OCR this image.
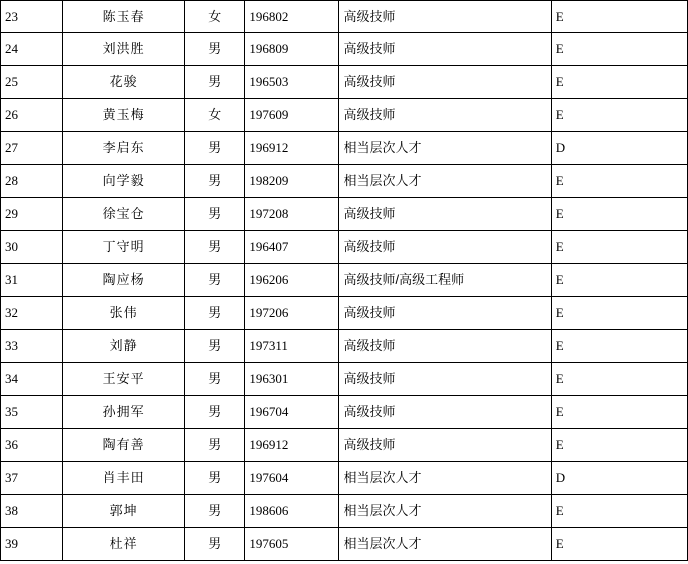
23	陈玉春	女	196802	高级技师	E
24	刘洪胜	男	196809	高级技师	E
25	花骏	男	196503	高级技师	E
26	黄玉梅	女	197609	高级技师	E
27	李启东	男	196912	相当层次人才	D
28	向学毅	男	198209	相当层次人才	E
29	徐宝仓	男	197208	高级技师	E
30	丁守明	男	196407	高级技师	E
31	陶应杨	男	196206	高级技师/高级工程师	E
32	张伟	男	197206	高级技师	E
33	刘静	男	197311	高级技师	E
34	王安平	男	196301	高级技师	E
35	孙拥军	男	196704	高级技师	E
36	陶有善	男	196912	高级技师	E
37	肖丰田	男	197604	相当层次人才	D
38	郭坤	男	198606	相当层次人才	E
39	杜祥	男	197605	相当层次人才	E
